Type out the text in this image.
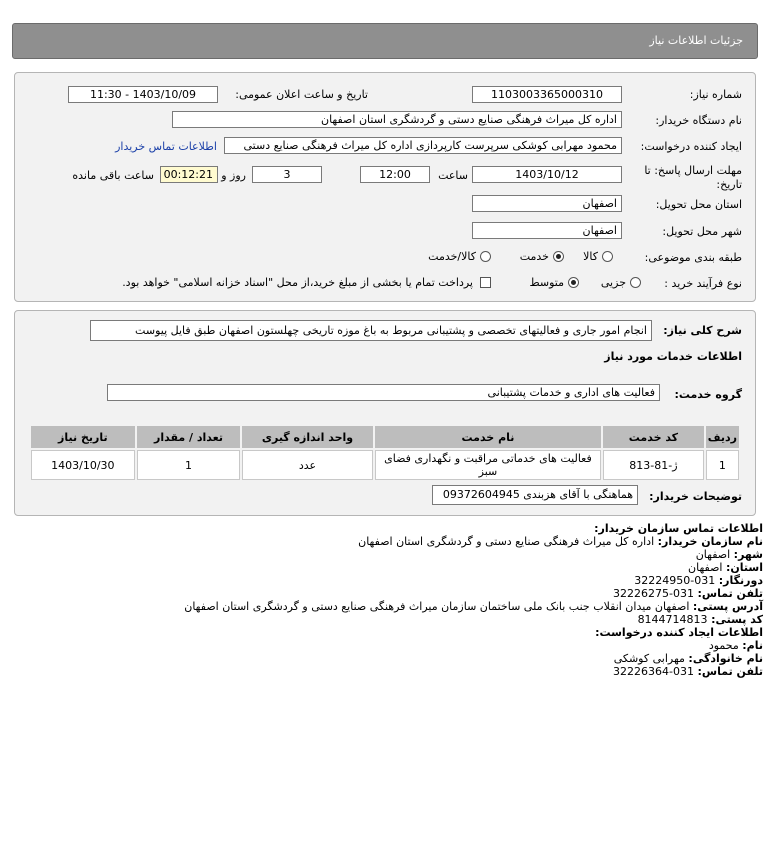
جزئیات اطلاعات نیاز
شماره نیاز:
1103003365000310
تاریخ و ساعت اعلان عمومی:
1403/10/09 - 11:30
نام دستگاه خریدار:
اداره کل میراث فرهنگی صنایع دستی و گردشگری استان اصفهان
ایجاد کننده درخواست:
محمود مهرابی کوشکی سرپرست کارپردازی اداره کل میراث فرهنگی صنایع دستی
اطلاعات تماس خریدار
مهلت ارسال پاسخ: تا تاریخ:
1403/10/12
ساعت
12:00
3
روز و
00:12:21
ساعت باقی مانده
استان محل تحویل:
اصفهان
شهر محل تحویل:
اصفهان
طبقه بندی موضوعی:
کالا
خدمت
کالا/خدمت
نوع فرآیند خرید :
جزیی
متوسط
پرداخت تمام یا بخشی از مبلغ خرید،از محل "اسناد خزانه اسلامی" خواهد بود.
شرح کلی نیاز:
انجام امور جاری و فعالیتهای تخصصی و پشتیبانی مربوط به باغ موزه تاریخی چهلستون اصفهان طبق فایل پیوست
اطلاعات خدمات مورد نیاز
گروه خدمت:
فعالیت های اداری و خدمات پشتیبانی
ردیف	کد خدمت	نام خدمت	واحد اندازه گیری	تعداد / مقدار	تاریخ نیاز
1	ژ-81-813	فعالیت های خدماتی مراقبت و نگهداری فضای سبز	عدد	1	1403/10/30
توضیحات خریدار:
هماهنگی با آقای هزبندی 09372604945
اطلاعات تماس سازمان خریدار:
نام سازمان خریدار: اداره کل میراث فرهنگی صنایع دستی و گردشگری استان اصفهان
شهر: اصفهان
استان: اصفهان
دورنگار: 031-32224950
تلفن تماس: 031-32226275
آدرس پستی: اصفهان میدان انقلاب جنب بانک ملی ساختمان سازمان میراث فرهنگی صنایع دستی و گردشگری استان اصفهان
کد پستی: 8144714813
اطلاعات ایجاد کننده درخواست:
نام: محمود
نام خانوادگی: مهرابی کوشکی
تلفن تماس: 031-32226364
